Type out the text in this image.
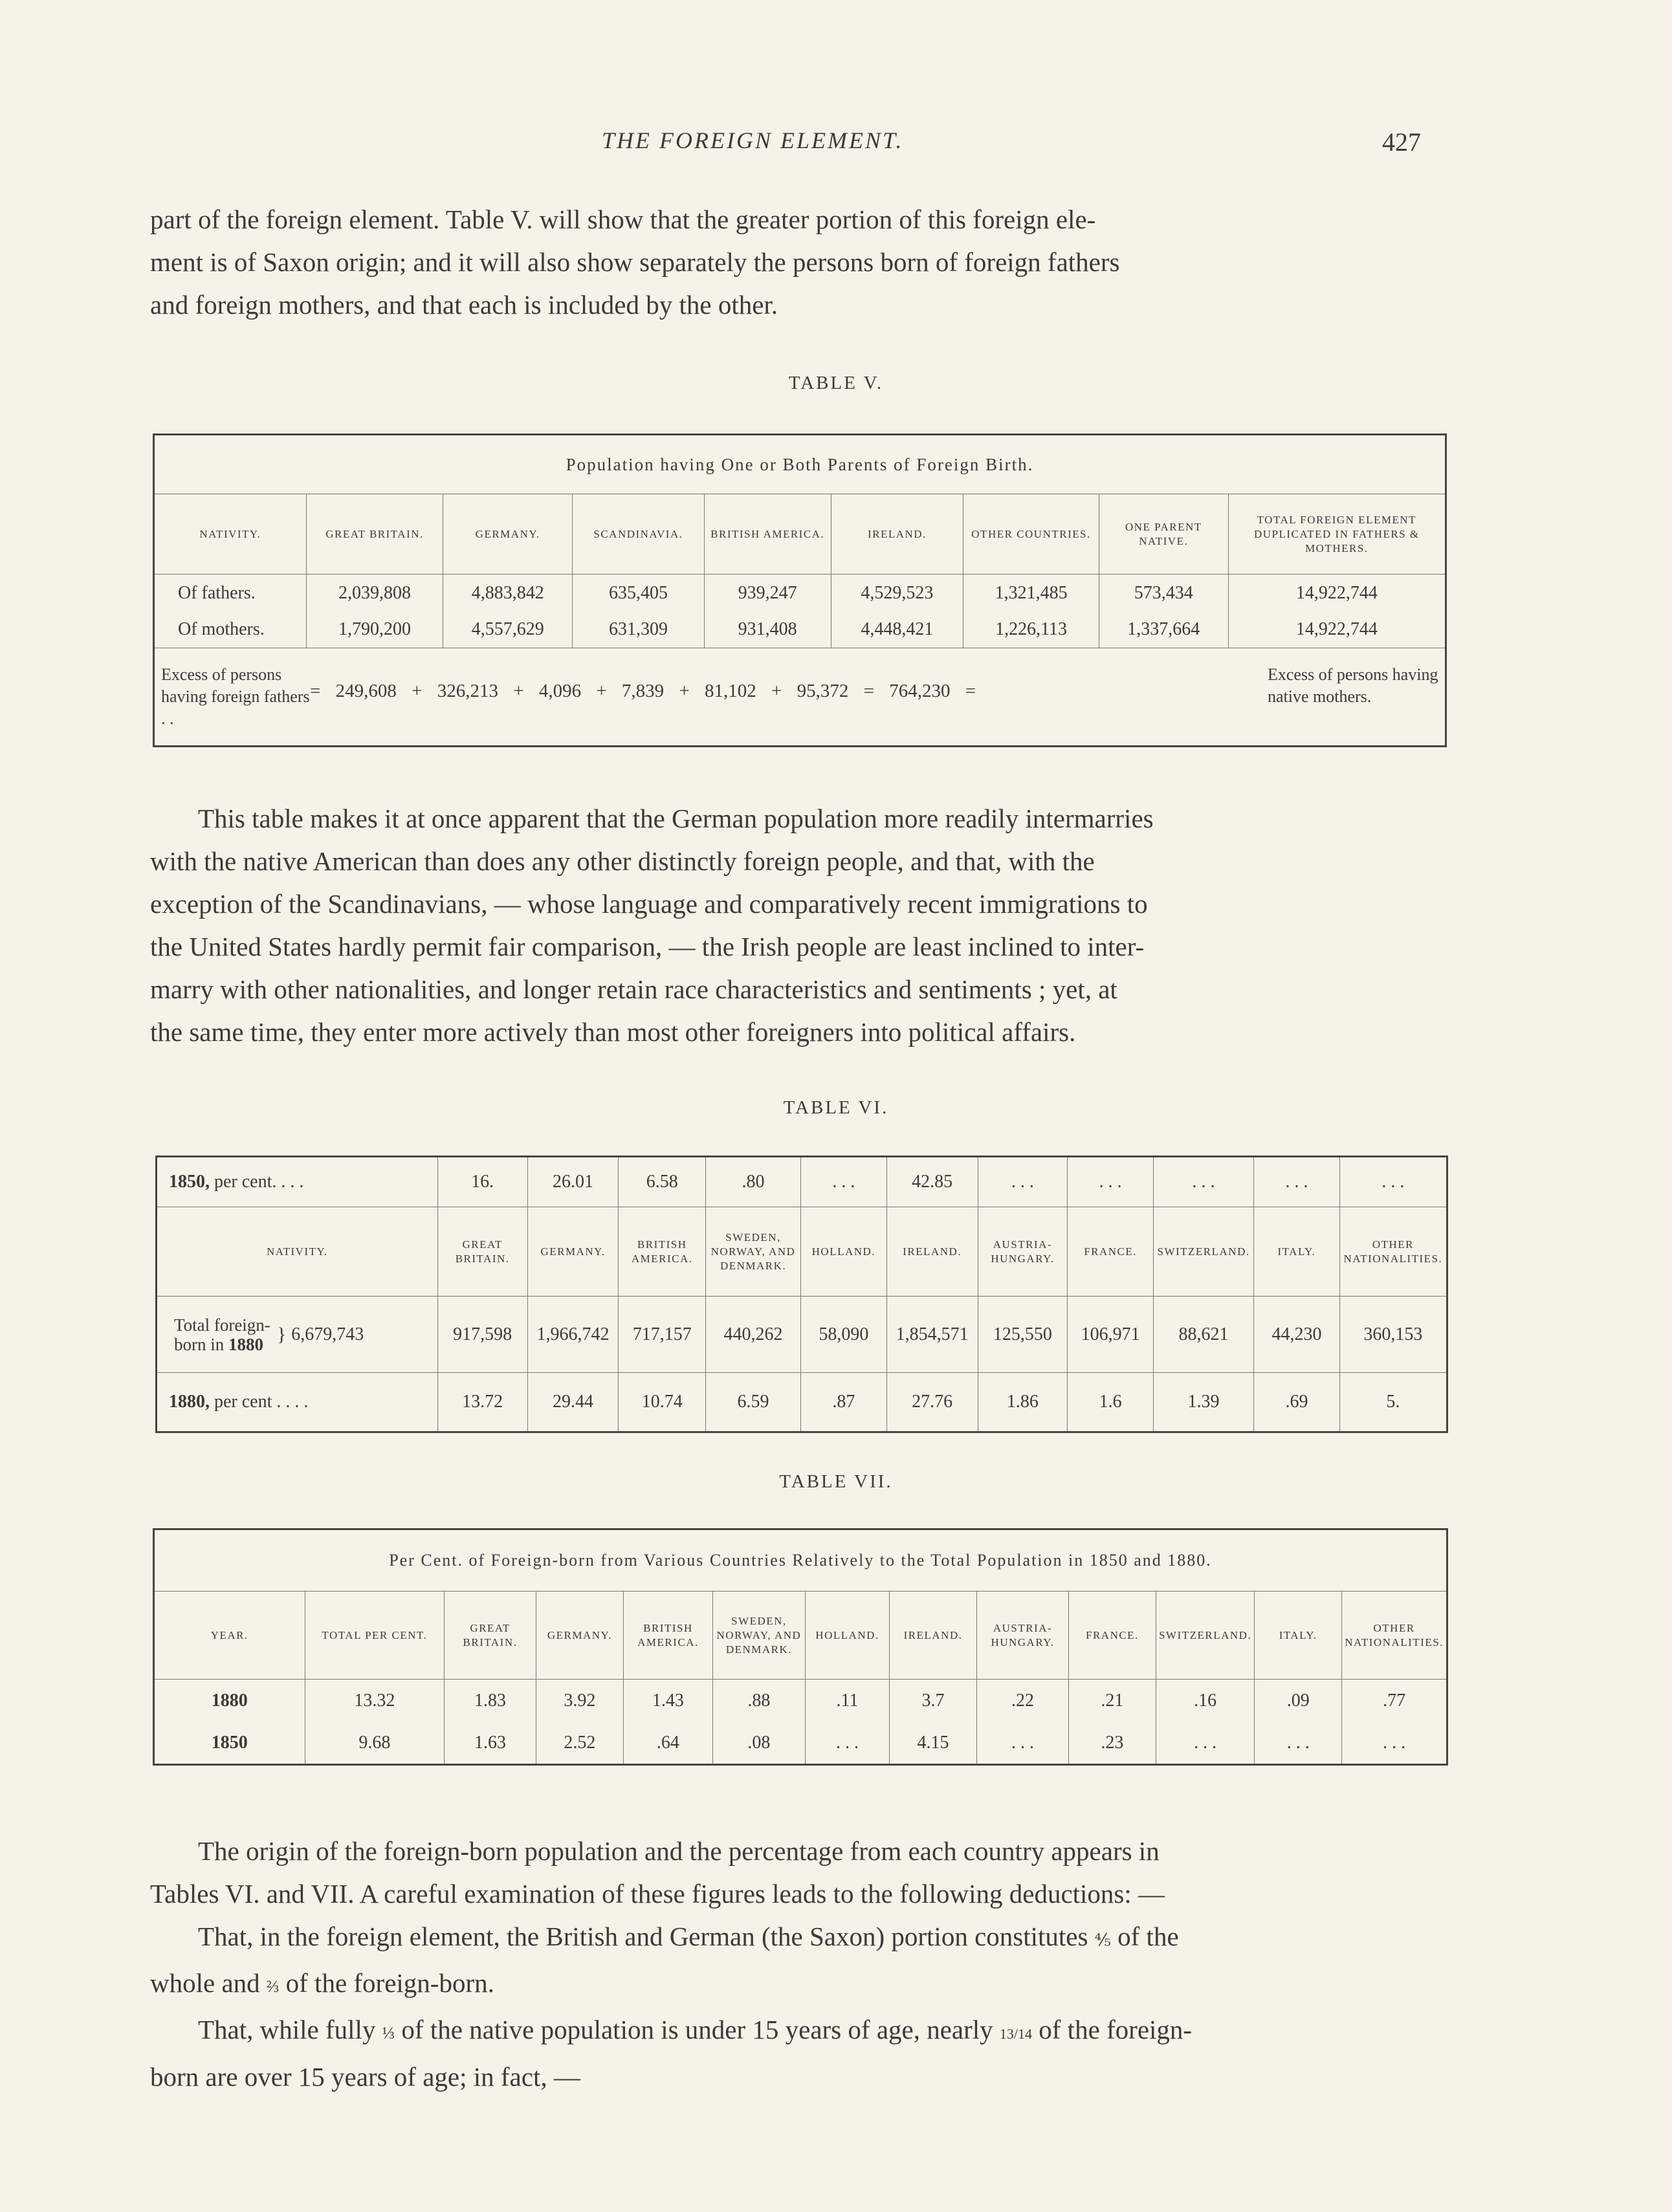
THE FOREIGN ELEMENT.	427

part of the foreign element. Table V. will show that the greater portion of this foreign ele-
ment is of Saxon origin; and it will also show separately the persons born of foreign fathers
and foreign mothers, and that each is included by the other.

TABLE V.
Population having One or Both Parents of Foreign Birth.								
NATIVITY.	GREAT BRITAIN.	GERMANY.	SCANDINAVIA.	BRITISH AMERICA.	IRELAND.	OTHER COUNTRIES.	ONE PARENT NATIVE.	TOTAL FOREIGN ELEMENT DUPLICATED IN FATHERS & MOTHERS.
Of fathers.	2,039,808	4,883,842	635,405	939,247	4,529,523	1,321,485	573,434	14,922,744
Of mothers.	1,790,200	4,557,629	631,309	931,408	4,448,421	1,226,113	1,337,664	14,922,744

Excess of persons having foreign fathers . .
= 249,608 + 326,213 + 4,096 + 7,839 + 81,102 + 95,372 = 764,230 =
Excess of persons having native mothers.								

This table makes it at once apparent that the German population more readily intermarries
with the native American than does any other distinctly foreign people, and that, with the
exception of the Scandinavians, — whose language and comparatively recent immigrations to
the United States hardly permit fair comparison, — the Irish people are least inclined to inter-
marry with other nationalities, and longer retain race characteristics and sentiments ; yet, at
the same time, they enter more actively than most other foreigners into political affairs.

TABLE VI.
1850, per cent. . . .	16.	26.01	6.58	.80	. . .	42.85	. . .	. . .	. . .	. . .	. . .
NATIVITY.	GREAT BRITAIN.	GERMANY.	BRITISH AMERICA.	SWEDEN, NORWAY, AND DENMARK.	HOLLAND.	IRELAND.	AUSTRIA-HUNGARY.	FRANCE.	SWITZERLAND.	ITALY.	OTHER NATIONALITIES.
Total foreign-
born in 1880 } 6,679,743	917,598	1,966,742	717,157	440,262	58,090	1,854,571	125,550	106,971	88,621	44,230	360,153
1880, per cent . . . .	13.72	29.44	10.74	6.59	.87	27.76	1.86	1.6	1.39	.69	5.
TABLE VII.
Per Cent. of Foreign-born from Various Countries Relatively to the Total Population in 1850 and 1880.												
YEAR.	TOTAL PER CENT.	GREAT BRITAIN.	GERMANY.	BRITISH AMERICA.	SWEDEN, NORWAY, AND DENMARK.	HOLLAND.	IRELAND.	AUSTRIA-HUNGARY.	FRANCE.	SWITZERLAND.	ITALY.	OTHER NATIONALITIES.
1880	13.32	1.83	3.92	1.43	.88	.11	3.7	.22	.21	.16	.09	.77
1850	9.68	1.63	2.52	.64	.08	. . .	4.15	. . .	.23	. . .	. . .	. . .
The origin of the foreign-born population and the percentage from each country appears in
Tables VI. and VII. A careful examination of these figures leads to the following deductions: —
That, in the foreign element, the British and German (the Saxon) portion constitutes ⅘ of the
whole and ⅔ of the foreign-born.
That, while fully ⅓ of the native population is under 15 years of age, nearly 13/14 of the foreign-
born are over 15 years of age; in fact, —
